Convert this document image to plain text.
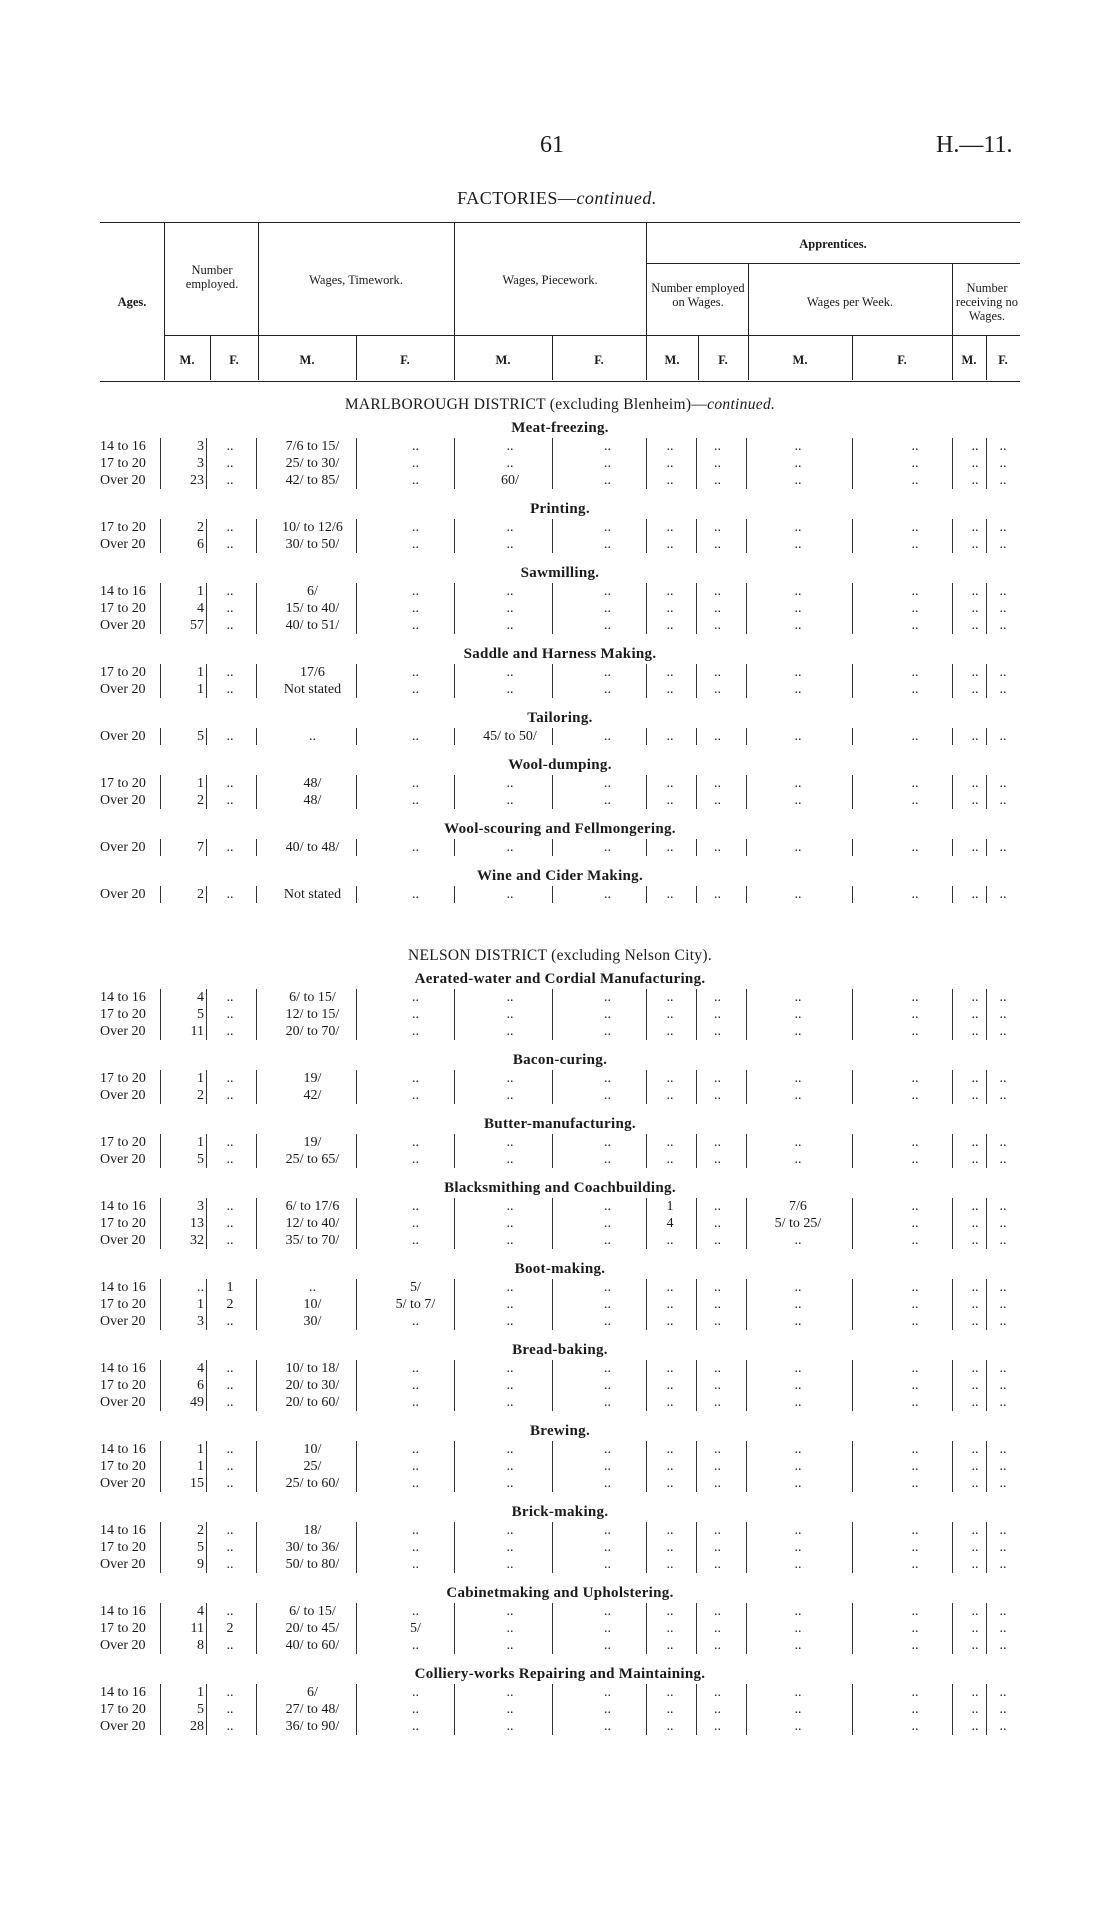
61	H.—11.
FACTORIES—continued.
Ages.
Number employed.	Wages, Timework.	Wages, Piecework.
Apprentices.
Number employed on Wages.	Wages per Week.
Number receiving no Wages.
M.	F.	M.	F.	M.	F.	M.	F.	M.	F.	M.	F.
MARLBOROUGH DISTRICT (excluding Blenheim)—continued.
Meat-freezing.
14 to 16	3	..	7/6 to 15/	..	..	..	..	..	..	..	..	..
17 to 20	3	..	25/ to 30/	..	..	..	..	..	..	..	..	..
Over 20	23	..	42/ to 85/	..	60/	..	..	..	..	..	..	..
Printing.
17 to 20	2	..	10/ to 12/6	..	..	..	..	..	..	..	..	..
Over 20	6	..	30/ to 50/	..	..	..	..	..	..	..	..	..
Sawmilling.
14 to 16	1	..	6/	..	..	..	..	..	..	..	..	..
17 to 20	4	..	15/ to 40/	..	..	..	..	..	..	..	..	..
Over 20	57	..	40/ to 51/	..	..	..	..	..	..	..	..	..
Saddle and Harness Making.
17 to 20	1	..	17/6	..	..	..	..	..	..	..	..	..
Over 20	1	..	Not stated	..	..	..	..	..	..	..	..	..
Tailoring.
Over 20	5	..	..	..	45/ to 50/	..	..	..	..	..	..	..
Wool-dumping.
17 to 20	1	..	48/	..	..	..	..	..	..	..	..	..
Over 20	2	..	48/	..	..	..	..	..	..	..	..	..
Wool-scouring and Fellmongering.
Over 20	7	..	40/ to 48/	..	..	..	..	..	..	..	..	..
Wine and Cider Making.
Over 20	2	..	Not stated	..	..	..	..	..	..	..	..	..
NELSON DISTRICT (excluding Nelson City).
Aerated-water and Cordial Manufacturing.
14 to 16	4	..	6/ to 15/	..	..	..	..	..	..	..	..	..
17 to 20	5	..	12/ to 15/	..	..	..	..	..	..	..	..	..
Over 20	11	..	20/ to 70/	..	..	..	..	..	..	..	..	..
Bacon-curing.
17 to 20	1	..	19/	..	..	..	..	..	..	..	..	..
Over 20	2	..	42/	..	..	..	..	..	..	..	..	..
Butter-manufacturing.
17 to 20	1	..	19/	..	..	..	..	..	..	..	..	..
Over 20	5	..	25/ to 65/	..	..	..	..	..	..	..	..	..
Blacksmithing and Coachbuilding.
14 to 16	3	..	6/ to 17/6	..	..	..	1	..	7/6	..	..	..
17 to 20	13	..	12/ to 40/	..	..	..	4	..	5/ to 25/	..	..	..
Over 20	32	..	35/ to 70/	..	..	..	..	..	..	..	..	..
Boot-making.
14 to 16	..	1	..	5/	..	..	..	..	..	..	..	..
17 to 20	1	2	10/	5/ to 7/	..	..	..	..	..	..	..	..
Over 20	3	..	30/	..	..	..	..	..	..	..	..	..
Bread-baking.
14 to 16	4	..	10/ to 18/	..	..	..	..	..	..	..	..	..
17 to 20	6	..	20/ to 30/	..	..	..	..	..	..	..	..	..
Over 20	49	..	20/ to 60/	..	..	..	..	..	..	..	..	..
Brewing.
14 to 16	1	..	10/	..	..	..	..	..	..	..	..	..
17 to 20	1	..	25/	..	..	..	..	..	..	..	..	..
Over 20	15	..	25/ to 60/	..	..	..	..	..	..	..	..	..
Brick-making.
14 to 16	2	..	18/	..	..	..	..	..	..	..	..	..
17 to 20	5	..	30/ to 36/	..	..	..	..	..	..	..	..	..
Over 20	9	..	50/ to 80/	..	..	..	..	..	..	..	..	..
Cabinetmaking and Upholstering.
14 to 16	4	..	6/ to 15/	..	..	..	..	..	..	..	..	..
17 to 20	11	2	20/ to 45/	5/	..	..	..	..	..	..	..	..
Over 20	8	..	40/ to 60/	..	..	..	..	..	..	..	..	..
Colliery-works Repairing and Maintaining.
14 to 16	1	..	6/	..	..	..	..	..	..	..	..	..
17 to 20	5	..	27/ to 48/	..	..	..	..	..	..	..	..	..
Over 20	28	..	36/ to 90/	..	..	..	..	..	..	..	..	..
